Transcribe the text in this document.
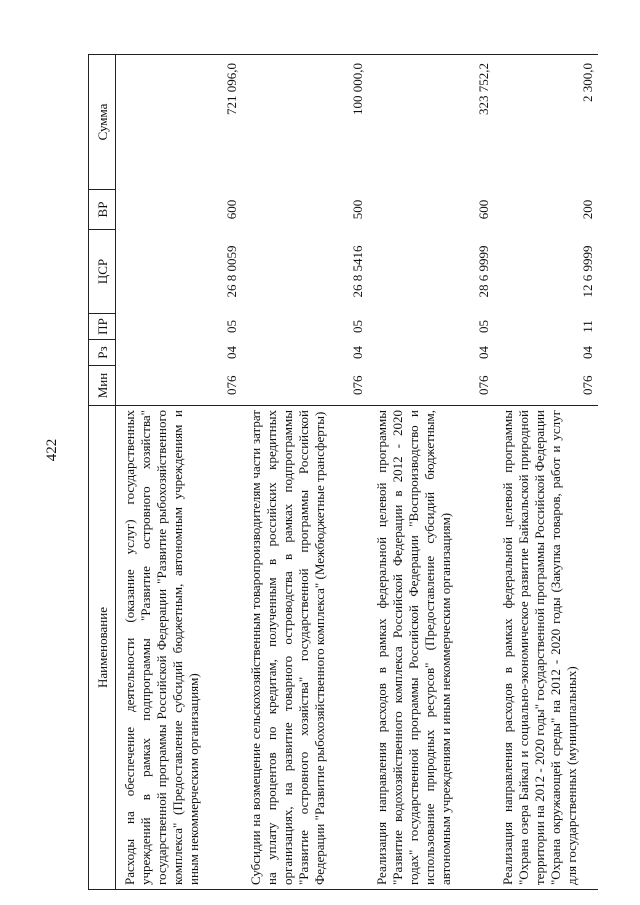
422
Наименование	Мин	Рз	ПР	ЦСР	ВР	Сумма
Расходы на обеспечение деятельности (оказание услуг) государственных учреждений в рамках подпрограммы "Развитие островного хозяйства" государственной программы Российской Федерации "Развитие рыбохозяйственного комплекса" (Предоставление субсидий бюджетным, автономным учреждениям и иным некоммерческим организациям)	076	04	05	26 8 0059	600	721 096,0
Субсидии на возмещение сельскохозяйственным товаропроизводителям части затрат на уплату процентов по кредитам, полученным в российских кредитных организациях, на развитие товарного островодства в рамках подпрограммы "Развитие островного хозяйства" государственной программы Российской Федерации "Развитие рыбохозяйственного комплекса" (Межбюджетные трансферты)	076	04	05	26 8 5416	500	100 000,0
Реализация направления расходов в рамках федеральной целевой программы "Развитие водохозяйственного комплекса Российской Федерации в 2012 - 2020 годах" государственной программы Российской Федерации "Воспроизводство и использование природных ресурсов" (Предоставление субсидий бюджетным, автономным учреждениям и иным некоммерческим организациям)	076	04	05	28 6 9999	600	323 752,2
Реализация направления расходов в рамках федеральной целевой программы "Охрана озера Байкал и социально-экономическое развитие Байкальской природной территории на 2012 - 2020 годы" государственной программы Российской Федерации "Охрана окружающей среды" на 2012 - 2020 годы (Закупка товаров, работ и услуг для государственных (муниципальных)	076	04	11	12 6 9999	200	2 300,0
